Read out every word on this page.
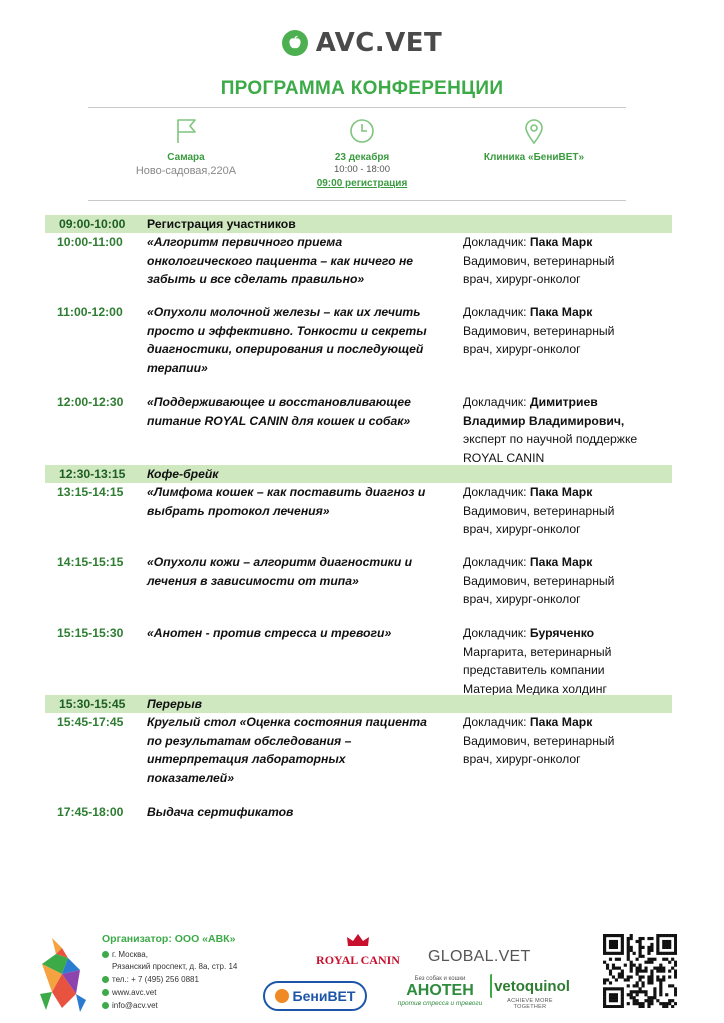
AVC.VET
ПРОГРАММА КОНФЕРЕНЦИИ
Самара
Ново-садовая,220А
23 декабря
10:00 - 18:00
09:00 регистрация
Клиника «БениВЕТ»
09:00-10:00	Регистрация участников
10:00-11:00	«Алгоритм первичного приема
онкологического пациента – как ничего не
забыть и все сделать правильно»
Докладчик: Пака Марк
Вадимович, ветеринарный
врач, хирург-онколог
11:00-12:00	«Опухоли молочной железы – как их лечить
просто и эффективно. Тонкости и секреты
диагностики, оперирования и последующей
терапии»
Докладчик: Пака Марк
Вадимович, ветеринарный
врач, хирург-онколог
12:00-12:30	«Поддерживающее и восстановливающее
питание ROYAL CANIN для кошек и собак»
Докладчик: Димитриев
Владимир Владимирович,
эксперт по научной поддержке
ROYAL CANIN
12:30-13:15	Кофе-брейк
13:15-14:15	«Лимфома кошек – как поставить диагноз и
выбрать протокол лечения»
Докладчик: Пака Марк
Вадимович, ветеринарный
врач, хирург-онколог
14:15-15:15	«Опухоли кожи – алгоритм диагностики и
лечения в зависимости от типа»
Докладчик: Пака Марк
Вадимович, ветеринарный
врач, хирург-онколог
15:15-15:30	«Анотен - против стресса и тревоги»	Докладчик: Буряченко
Маргарита, ветеринарный
представитель компании
Материа Медика холдинг
15:30-15:45	Перерыв
15:45-17:45	Круглый стол «Оценка состояния пациента
по результатам обследования –
интерпретация лабораторных
показателей»
Докладчик: Пака Марк
Вадимович, ветеринарный
врач, хирург-онколог
17:45-18:00	Выдача сертификатов
Организатор: ООО «АВК»
г. Москва,
Рязанский проспект, д. 8а, стр. 14
тел.: + 7 (495) 256 0881
www.avc.vet
info@acv.vet
ROYAL CANIN	GLOBAL.VET
БениВЕТ
Без собак и кошки
АНОТЕН
против стресса и тревоги
vetoquinol
ACHIEVE MORE TOGETHER
